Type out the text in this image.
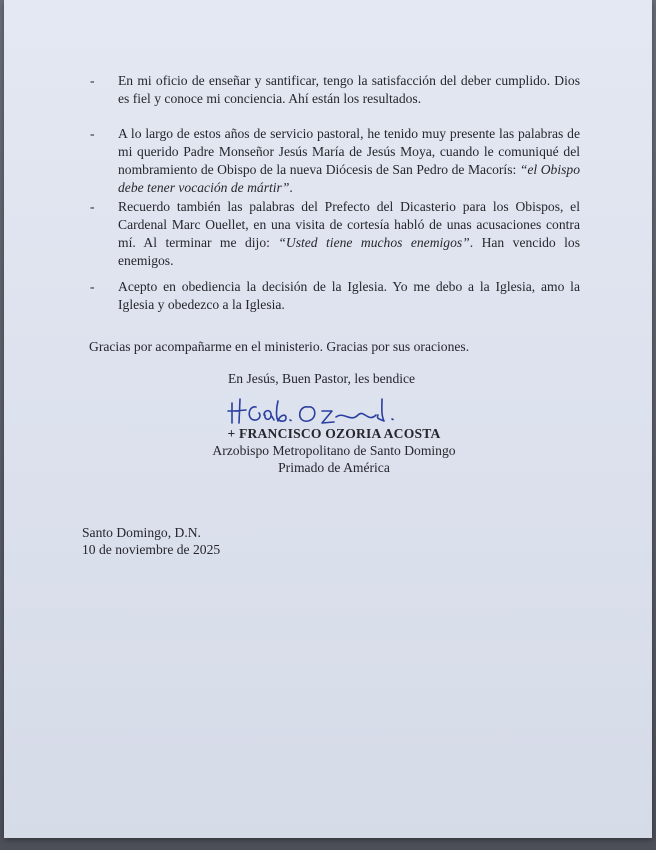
-	En mi oficio de enseñar y santificar, tengo la satisfacción del deber cumplido. Dios es fiel y conoce mi conciencia. Ahí están los resultados.
-	A lo largo de estos años de servicio pastoral, he tenido muy presente las palabras de mi querido Padre Monseñor Jesús María de Jesús Moya, cuando le comuniqué del nombramiento de Obispo de la nueva Diócesis de San Pedro de Macorís: “el Obispo debe tener vocación de mártir”.
-	Recuerdo también las palabras del Prefecto del Dicasterio para los Obispos, el Cardenal Marc Ouellet, en una visita de cortesía habló de unas acusaciones contra mí. Al terminar me dijo: “Usted tiene muchos enemigos”. Han vencido los enemigos.
-	Acepto en obediencia la decisión de la Iglesia. Yo me debo a la Iglesia, amo la Iglesia y obedezco a la Iglesia.
Gracias por acompañarme en el ministerio. Gracias por sus oraciones.
En Jesús, Buen Pastor, les bendice
+ FRANCISCO OZORIA ACOSTA
Arzobispo Metropolitano de Santo Domingo
Primado de América
Santo Domingo, D.N.
10 de noviembre de 2025
